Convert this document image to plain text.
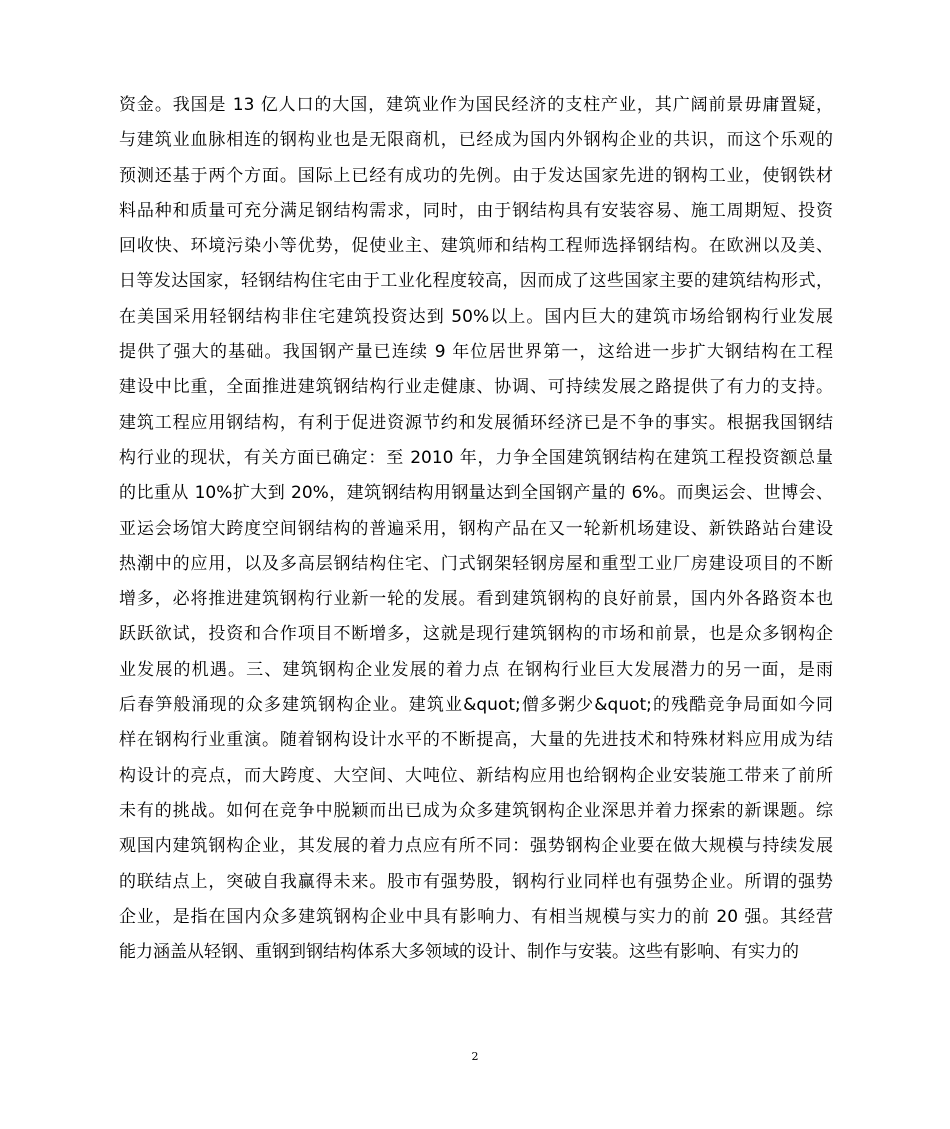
资金。我国是 13 亿人口的大国，建筑业作为国民经济的支柱产业，其广阔前景毋庸置疑，
与建筑业血脉相连的钢构业也是无限商机，已经成为国内外钢构企业的共识，而这个乐观的
预测还基于两个方面。国际上已经有成功的先例。由于发达国家先进的钢构工业，使钢铁材
料品种和质量可充分满足钢结构需求，同时，由于钢结构具有安装容易、施工周期短、投资
回收快、环境污染小等优势，促使业主、建筑师和结构工程师选择钢结构。在欧洲以及美、
日等发达国家，轻钢结构住宅由于工业化程度较高，因而成了这些国家主要的建筑结构形式，
在美国采用轻钢结构非住宅建筑投资达到 50%以上。国内巨大的建筑市场给钢构行业发展
提供了强大的基础。我国钢产量已连续 9 年位居世界第一，这给进一步扩大钢结构在工程
建设中比重，全面推进建筑钢结构行业走健康、协调、可持续发展之路提供了有力的支持。
建筑工程应用钢结构，有利于促进资源节约和发展循环经济已是不争的事实。根据我国钢结
构行业的现状，有关方面已确定：至 2010 年，力争全国建筑钢结构在建筑工程投资额总量
的比重从 10%扩大到 20%，建筑钢结构用钢量达到全国钢产量的 6%。而奥运会、世博会、
亚运会场馆大跨度空间钢结构的普遍采用，钢构产品在又一轮新机场建设、新铁路站台建设
热潮中的应用，以及多高层钢结构住宅、门式钢架轻钢房屋和重型工业厂房建设项目的不断
增多，必将推进建筑钢构行业新一轮的发展。看到建筑钢构的良好前景，国内外各路资本也
跃跃欲试，投资和合作项目不断增多，这就是现行建筑钢构的市场和前景，也是众多钢构企
业发展的机遇。三、建筑钢构企业发展的着力点 在钢构行业巨大发展潜力的另一面，是雨
后春笋般涌现的众多建筑钢构企业。建筑业&quot;僧多粥少&quot;的残酷竞争局面如今同
样在钢构行业重演。随着钢构设计水平的不断提高，大量的先进技术和特殊材料应用成为结
构设计的亮点，而大跨度、大空间、大吨位、新结构应用也给钢构企业安装施工带来了前所
未有的挑战。如何在竞争中脱颖而出已成为众多建筑钢构企业深思并着力探索的新课题。综
观国内建筑钢构企业，其发展的着力点应有所不同：强势钢构企业要在做大规模与持续发展
的联结点上，突破自我赢得未来。股市有强势股，钢构行业同样也有强势企业。所谓的强势
企业，是指在国内众多建筑钢构企业中具有影响力、有相当规模与实力的前 20 强。其经营
能力涵盖从轻钢、重钢到钢结构体系大多领域的设计、制作与安装。这些有影响、有实力的
2
